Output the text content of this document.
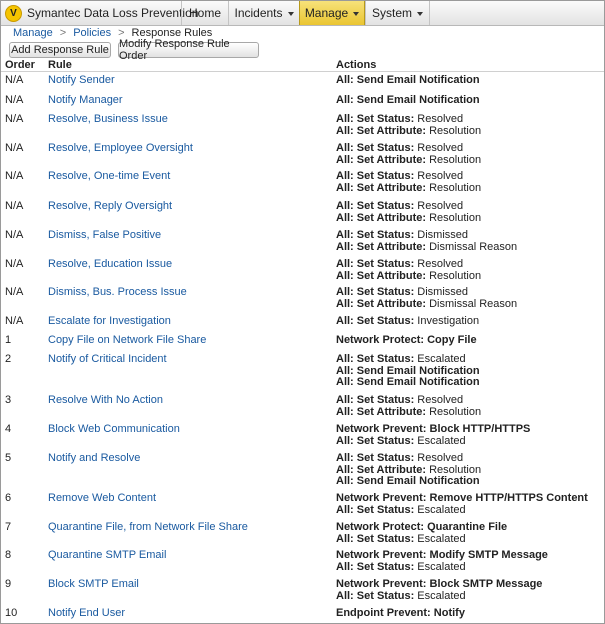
V Symantec Data Loss Prevention
Home Incidents Manage System
Manage > Policies > Response Rules
Add Response Rule Modify Response Rule Order
Order Rule	Actions
N/A Notify Sender	All: Send Email Notification
N/A Notify Manager	All: Send Email Notification
N/A Resolve, Business Issue	All: Set Status: Resolved
All: Set Attribute: Resolution
N/A Resolve, Employee Oversight	All: Set Status: Resolved
All: Set Attribute: Resolution
N/A Resolve, One-time Event	All: Set Status: Resolved
All: Set Attribute: Resolution
N/A Resolve, Reply Oversight	All: Set Status: Resolved
All: Set Attribute: Resolution
N/A Dismiss, False Positive	All: Set Status: Dismissed
All: Set Attribute: Dismissal Reason
N/A Resolve, Education Issue	All: Set Status: Resolved
All: Set Attribute: Resolution
N/A Dismiss, Bus. Process Issue	All: Set Status: Dismissed
All: Set Attribute: Dismissal Reason
N/A Escalate for Investigation	All: Set Status: Investigation
1	Copy File on Network File Share	Network Protect: Copy File
2	Notify of Critical Incident	All: Set Status: Escalated
All: Send Email Notification
All: Send Email Notification
3	Resolve With No Action	All: Set Status: Resolved
All: Set Attribute: Resolution
4	Block Web Communication	Network Prevent: Block HTTP/HTTPS
All: Set Status: Escalated
5	Notify and Resolve	All: Set Status: Resolved
All: Set Attribute: Resolution
All: Send Email Notification
6	Remove Web Content	Network Prevent: Remove HTTP/HTTPS Content
All: Set Status: Escalated
7	Quarantine File, from Network File Share	Network Protect: Quarantine File
All: Set Status: Escalated
8	Quarantine SMTP Email	Network Prevent: Modify SMTP Message
All: Set Status: Escalated
9	Block SMTP Email	Network Prevent: Block SMTP Message
All: Set Status: Escalated
10	Notify End User	Endpoint Prevent: Notify
